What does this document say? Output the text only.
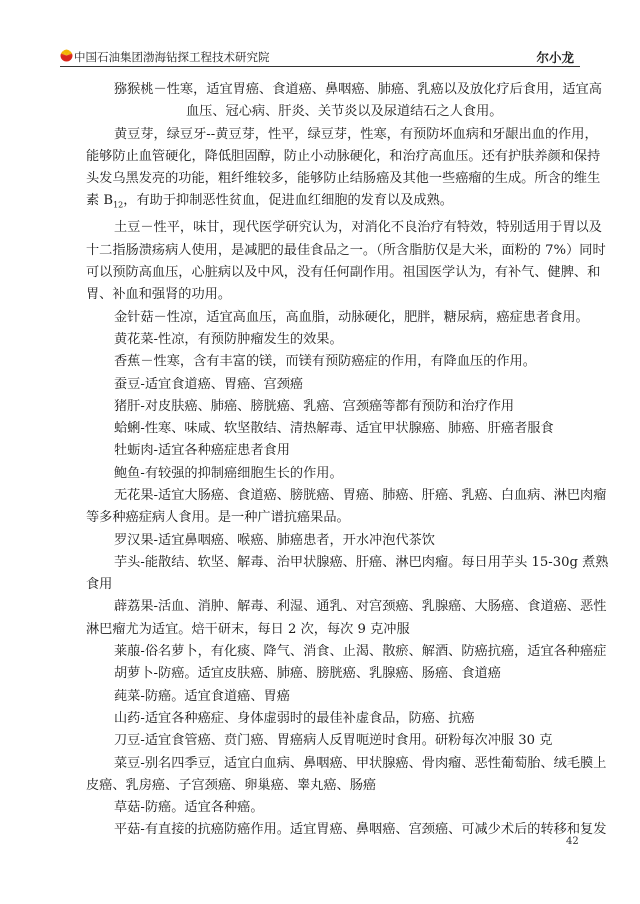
中国石油集团渤海钻探工程技术研究院	尔小龙

猕猴桃－性寒，适宜胃癌、食道癌、鼻咽癌、肺癌、乳癌以及放化疗后食用，适宜高
血压、冠心病、肝炎、关节炎以及尿道结石之人食用。

黄豆芽，绿豆牙--黄豆芽，性平，绿豆芽，性寒，有预防坏血病和牙龈出血的作用，
能够防止血管硬化，降低胆固醇，防止小动脉硬化，和治疗高血压。还有护肤养颜和保持
头发乌黑发亮的功能，粗纤维较多，能够防止结肠癌及其他一些癌瘤的生成。所含的维生
素 $B_{12}$，有助于抑制恶性贫血，促进血红细胞的发育以及成熟。

土豆－性平，味甘，现代医学研究认为，对消化不良治疗有特效，特别适用于胃以及
十二指肠溃疡病人使用，是减肥的最佳食品之一。（所含脂肪仅是大米，面粉的 7%）同时
可以预防高血压，心脏病以及中风，没有任何副作用。祖国医学认为，有补气、健脾、和
胃、补血和强肾的功用。

金针菇－性凉，适宜高血压，高血脂，动脉硬化，肥胖，糖尿病，癌症患者食用。

黄花菜-性凉，有预防肿瘤发生的效果。

香蕉－性寒，含有丰富的镁，而镁有预防癌症的作用，有降血压的作用。

蚕豆-适宜食道癌、胃癌、宫颈癌

猪肝-对皮肤癌、肺癌、膀胱癌、乳癌、宫颈癌等都有预防和治疗作用

蛤蜊-性寒、味咸、软坚散结、清热解毒、适宜甲状腺癌、肺癌、肝癌者服食

牡蛎肉-适宜各种癌症患者食用

鲍鱼-有较强的抑制癌细胞生长的作用。

无花果-适宜大肠癌、食道癌、膀胱癌、胃癌、肺癌、肝癌、乳癌、白血病、淋巴肉瘤
等多种癌症病人食用。是一种广谱抗癌果品。

罗汉果-适宜鼻咽癌、喉癌、肺癌患者，开水冲泡代茶饮

芋头-能散结、软坚、解毒、治甲状腺癌、肝癌、淋巴肉瘤。每日用芋头 15-30g 煮熟
食用

薜荔果-活血、消肿、解毒、利湿、通乳、对宫颈癌、乳腺癌、大肠癌、食道癌、恶性
淋巴瘤尤为适宜。焙干研末，每日 2 次，每次 9 克冲服

莱菔-俗名萝卜，有化痰、降气、消食、止渴、散瘀、解酒、防癌抗癌，适宜各种癌症

胡萝卜-防癌。适宜皮肤癌、肺癌、膀胱癌、乳腺癌、肠癌、食道癌

莼菜-防癌。适宜食道癌、胃癌

山药-适宜各种癌症、身体虚弱时的最佳补虚食品，防癌、抗癌

刀豆-适宜食管癌、贲门癌、胃癌病人反胃呃逆时食用。研粉每次冲服 30 克

菜豆-别名四季豆，适宜白血病、鼻咽癌、甲状腺癌、骨肉瘤、恶性葡萄胎、绒毛膜上
皮癌、乳房癌、子宫颈癌、卵巢癌、睾丸癌、肠癌

草菇-防癌。适宜各种癌。

平菇-有直接的抗癌防癌作用。适宜胃癌、鼻咽癌、宫颈癌、可减少术后的转移和复发

42
